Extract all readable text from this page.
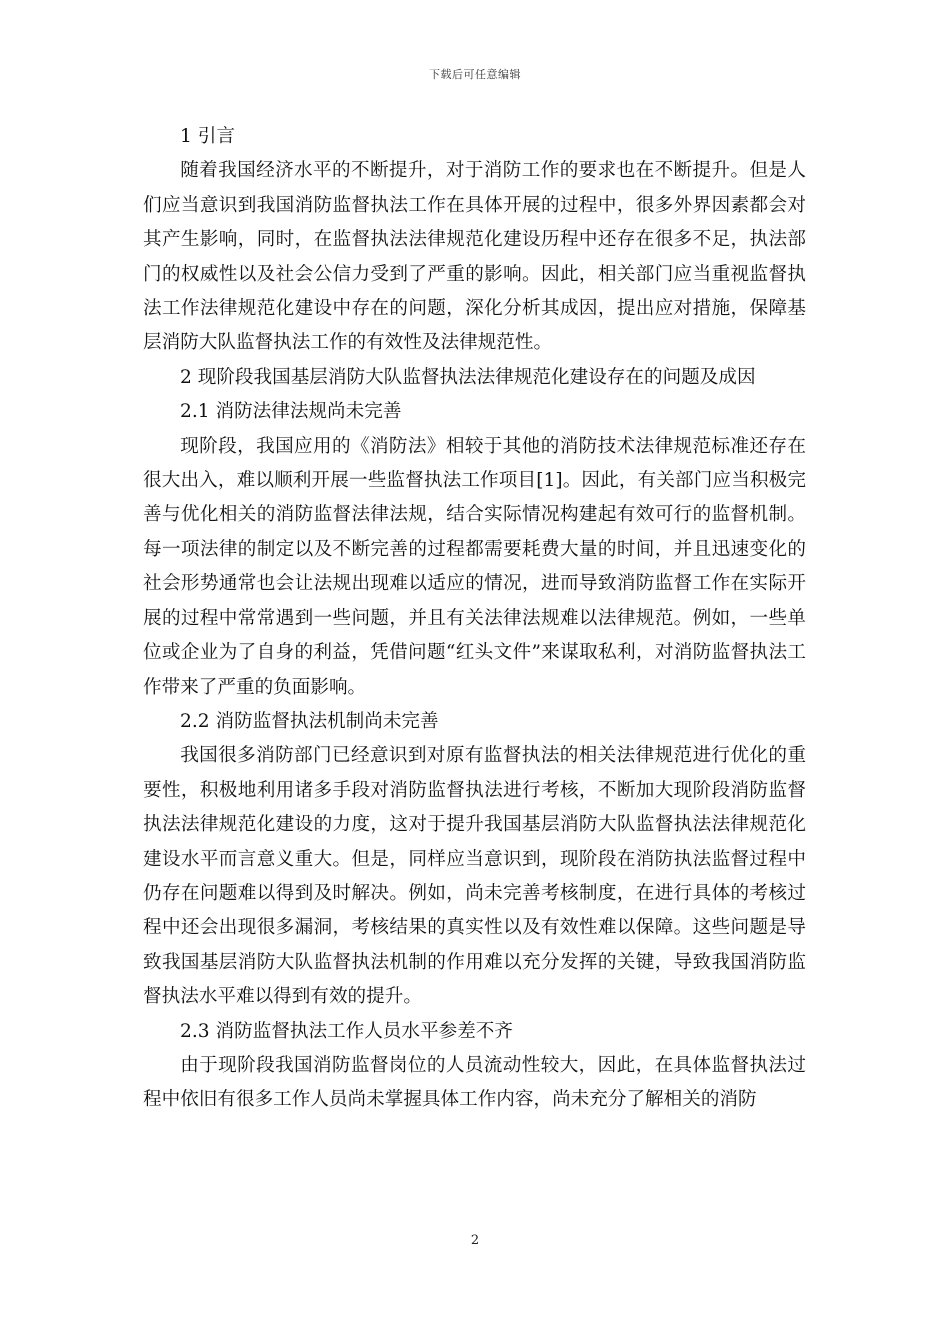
下载后可任意编辑

1 引言

随着我国经济水平的不断提升，对于消防工作的要求也在不断提升。但是人们应当意识到我国消防监督执法工作在具体开展的过程中，很多外界因素都会对其产生影响，同时，在监督执法法律规范化建设历程中还存在很多不足，执法部门的权威性以及社会公信力受到了严重的影响。因此，相关部门应当重视监督执法工作法律规范化建设中存在的问题，深化分析其成因，提出应对措施，保障基层消防大队监督执法工作的有效性及法律规范性。

2 现阶段我国基层消防大队监督执法法律规范化建设存在的问题及成因

2.1 消防法律法规尚未完善

现阶段，我国应用的《消防法》相较于其他的消防技术法律规范标准还存在很大出入，难以顺利开展一些监督执法工作项目[1]。因此，有关部门应当积极完善与优化相关的消防监督法律法规，结合实际情况构建起有效可行的监督机制。每一项法律的制定以及不断完善的过程都需要耗费大量的时间，并且迅速变化的社会形势通常也会让法规出现难以适应的情况，进而导致消防监督工作在实际开展的过程中常常遇到一些问题，并且有关法律法规难以法律规范。例如，一些单位或企业为了自身的利益，凭借问题“红头文件”来谋取私利，对消防监督执法工作带来了严重的负面影响。

2.2 消防监督执法机制尚未完善

我国很多消防部门已经意识到对原有监督执法的相关法律规范进行优化的重要性，积极地利用诸多手段对消防监督执法进行考核，不断加大现阶段消防监督执法法律规范化建设的力度，这对于提升我国基层消防大队监督执法法律规范化建设水平而言意义重大。但是，同样应当意识到，现阶段在消防执法监督过程中仍存在问题难以得到及时解决。例如，尚未完善考核制度，在进行具体的考核过程中还会出现很多漏洞，考核结果的真实性以及有效性难以保障。这些问题是导致我国基层消防大队监督执法机制的作用难以充分发挥的关键，导致我国消防监督执法水平难以得到有效的提升。

2.3 消防监督执法工作人员水平参差不齐

由于现阶段我国消防监督岗位的人员流动性较大，因此，在具体监督执法过程中依旧有很多工作人员尚未掌握具体工作内容，尚未充分了解相关的消防

2
